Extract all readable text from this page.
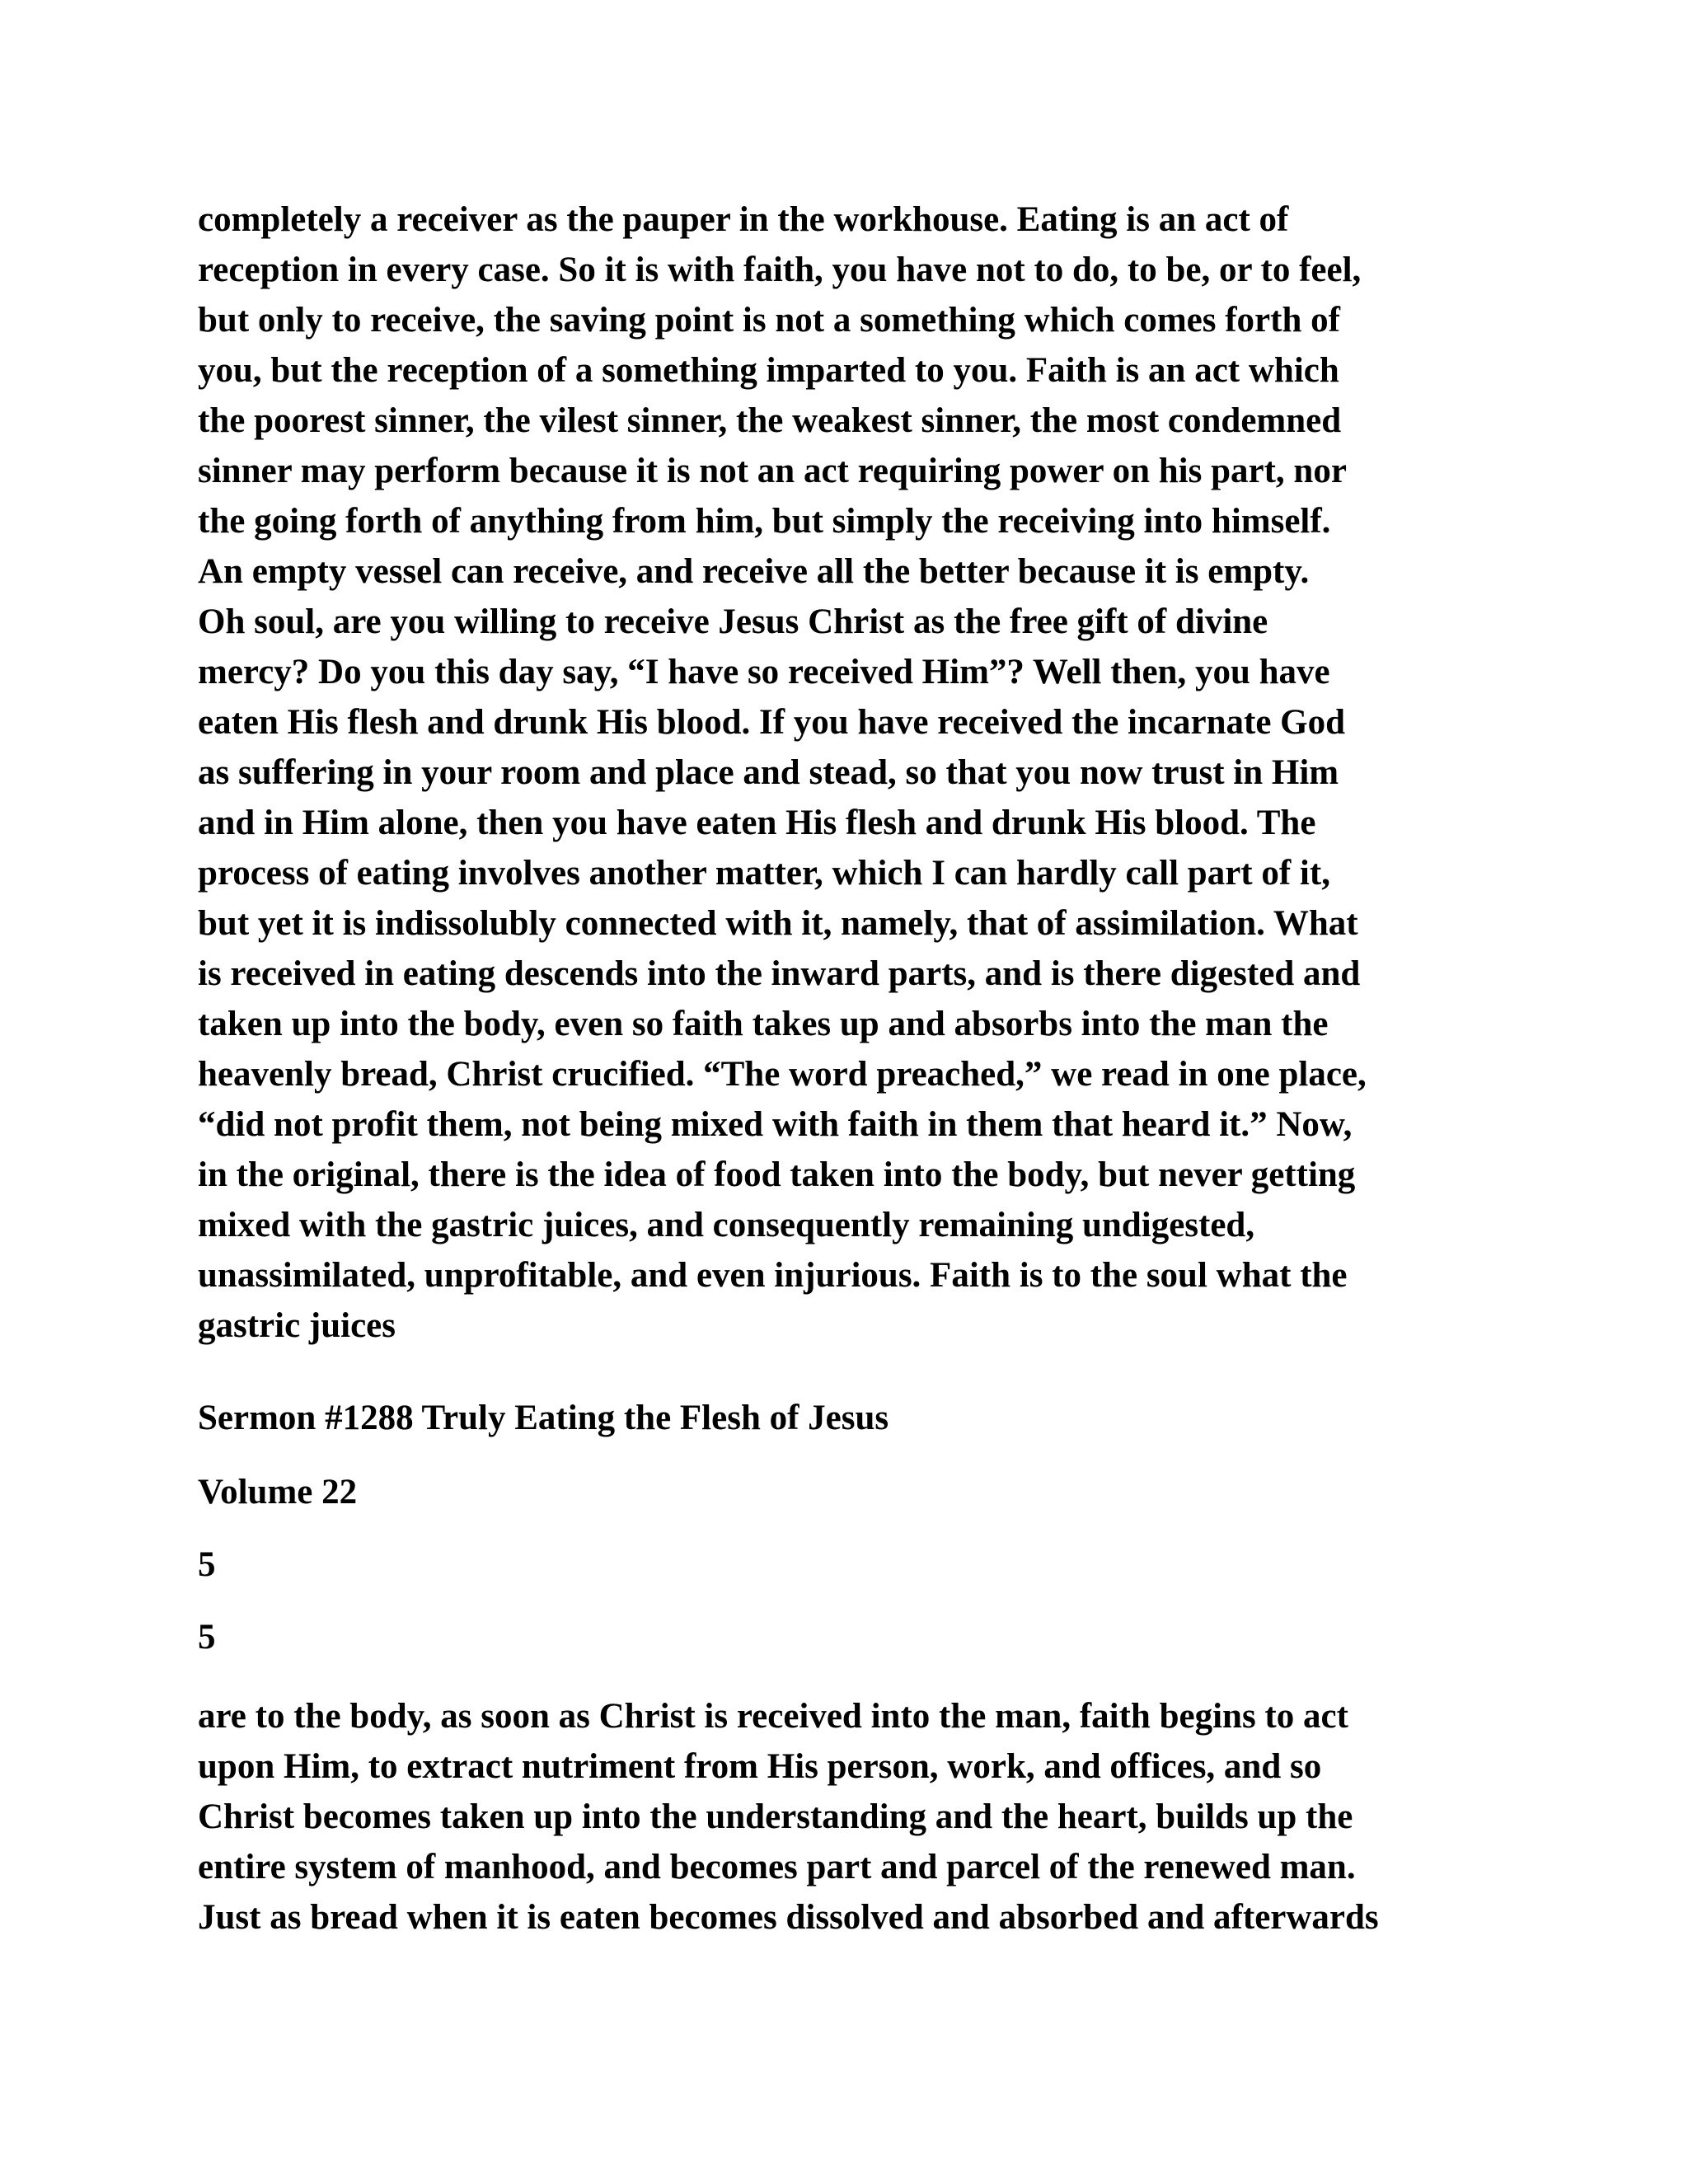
completely a receiver as the pauper in the workhouse. Eating is an act of
reception in every case. So it is with faith, you have not to do, to be, or to feel,
but only to receive, the saving point is not a something which comes forth of
you, but the reception of a something imparted to you. Faith is an act which
the poorest sinner, the vilest sinner, the weakest sinner, the most condemned
sinner may perform because it is not an act requiring power on his part, nor
the going forth of anything from him, but simply the receiving into himself.
An empty vessel can receive, and receive all the better because it is empty.
Oh soul, are you willing to receive Jesus Christ as the free gift of divine
mercy? Do you this day say, “I have so received Him”? Well then, you have
eaten His flesh and drunk His blood. If you have received the incarnate God
as suffering in your room and place and stead, so that you now trust in Him
and in Him alone, then you have eaten His flesh and drunk His blood. The
process of eating involves another matter, which I can hardly call part of it,
but yet it is indissolubly connected with it, namely, that of assimilation. What
is received in eating descends into the inward parts, and is there digested and
taken up into the body, even so faith takes up and absorbs into the man the
heavenly bread, Christ crucified. “The word preached,” we read in one place,
“did not profit them, not being mixed with faith in them that heard it.” Now,
in the original, there is the idea of food taken into the body, but never getting
mixed with the gastric juices, and consequently remaining undigested,
unassimilated, unprofitable, and even injurious. Faith is to the soul what the
gastric juices

Sermon #1288 Truly Eating the Flesh of Jesus

Volume 22

5

5

are to the body, as soon as Christ is received into the man, faith begins to act
upon Him, to extract nutriment from His person, work, and offices, and so
Christ becomes taken up into the understanding and the heart, builds up the
entire system of manhood, and becomes part and parcel of the renewed man.
Just as bread when it is eaten becomes dissolved and absorbed and afterwards
